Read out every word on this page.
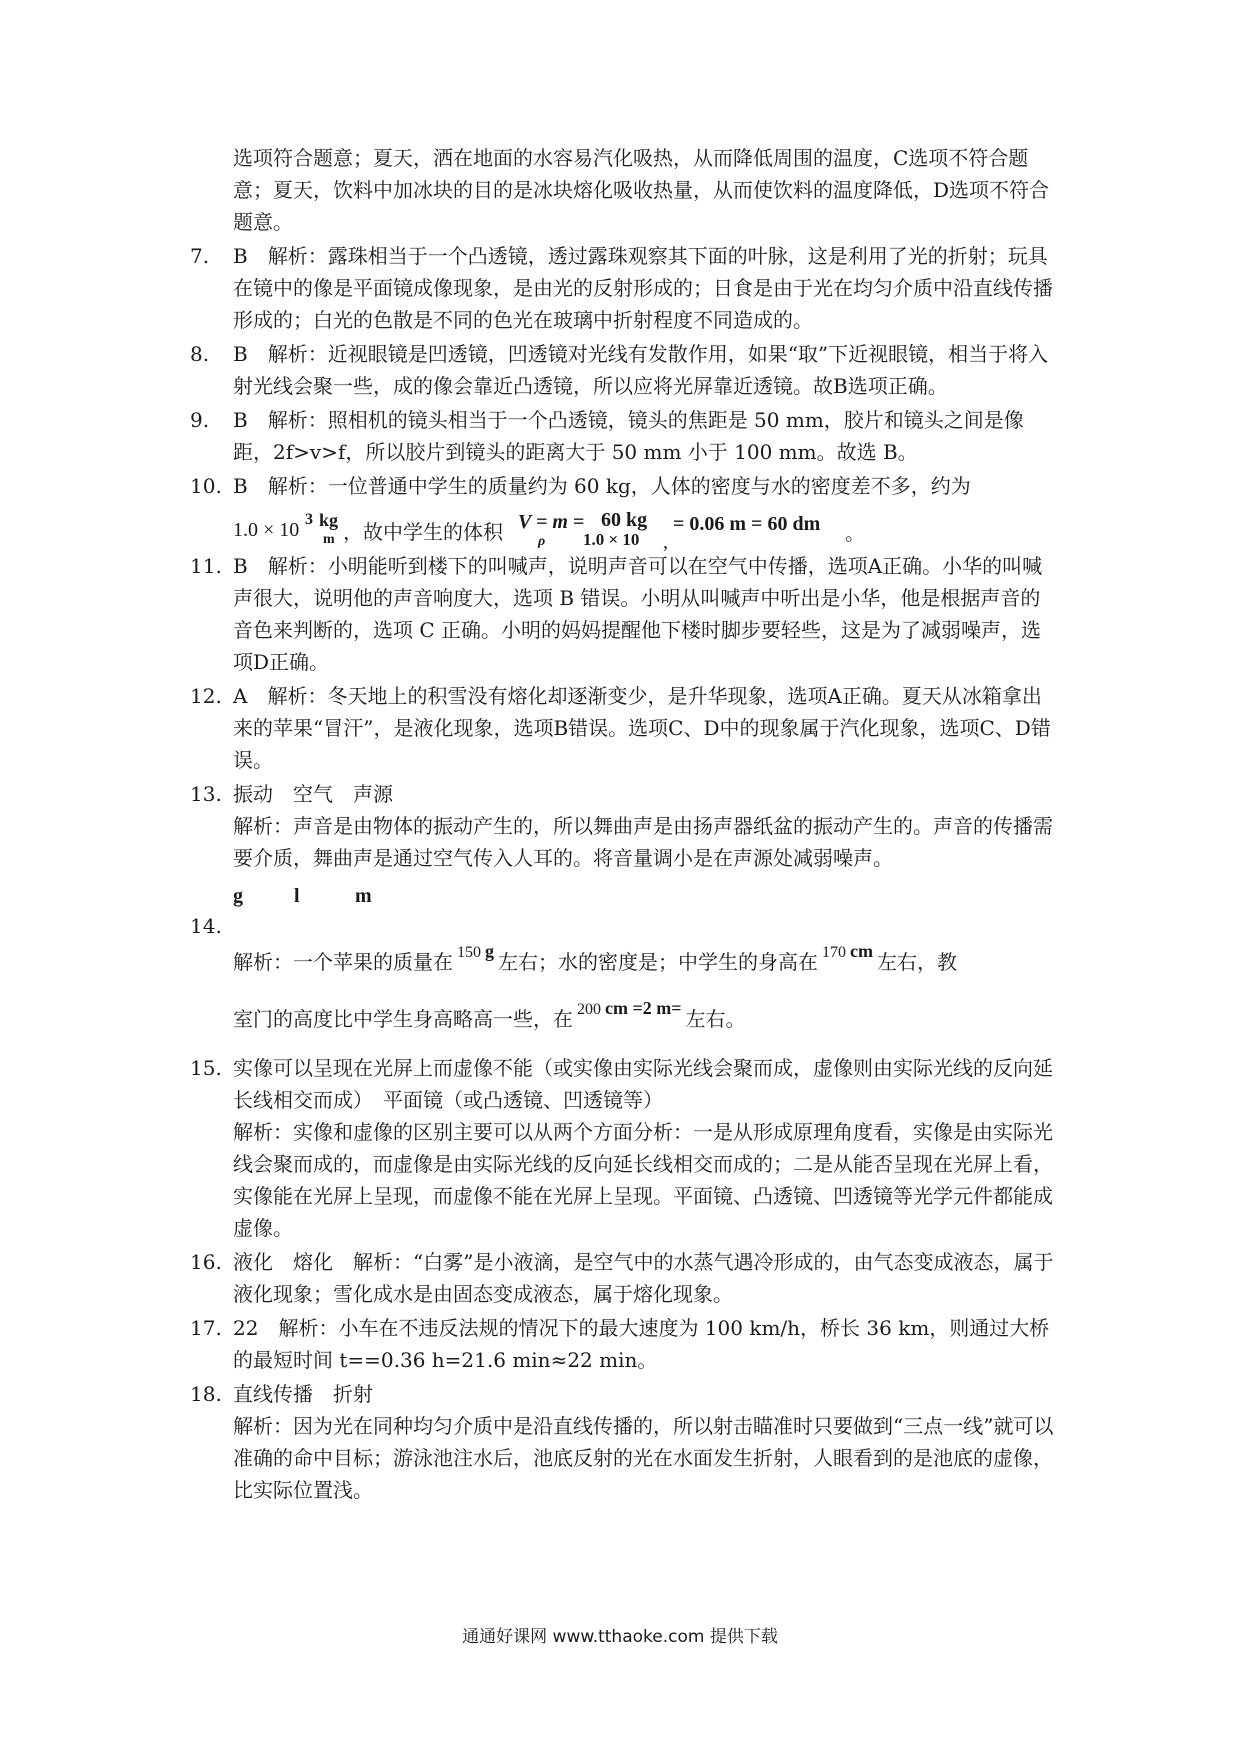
选项符合题意；夏天，洒在地面的水容易汽化吸热，从而降低周围的温度，C选项不符合题意；夏天，饮料中加冰块的目的是冰块熔化吸收热量，从而使饮料的温度降低，D选项不符合题意。
7. B　解析：露珠相当于一个凸透镜，透过露珠观察其下面的叶脉，这是利用了光的折射；玩具在镜中的像是平面镜成像现象，是由光的反射形成的；日食是由于光在均匀介质中沿直线传播形成的；白光的色散是不同的色光在玻璃中折射程度不同造成的。
8. B　解析：近视眼镜是凹透镜，凹透镜对光线有发散作用，如果“取”下近视眼镜，相当于将入射光线会聚一些，成的像会靠近凸透镜，所以应将光屏靠近透镜。故B选项正确。
9. B　解析：照相机的镜头相当于一个凸透镜，镜头的焦距是 50 mm，胶片和镜头之间是像距，2f>v>f，所以胶片到镜头的距离大于 50 mm 小于 100 mm。故选 B。
10. B　解析：一位普通中学生的质量约为 60 kg，人体的密度与水的密度差不多，约为
1.0 × 10 3 kg
m ，故中学生的体积 V = m =
ρ
60 kg
1.0 × 10 ,
= 0.06 m = 60 dm 。
11. B　解析：小明能听到楼下的叫喊声，说明声音可以在空气中传播，选项A正确。小华的叫喊声很大，说明他的声音响度大，选项 B 错误。小明从叫喊声中听出是小华，他是根据声音的音色来判断的，选项 C 正确。小明的妈妈提醒他下楼时脚步要轻些，这是为了减弱噪声，选项D正确。
12. A　解析：冬天地上的积雪没有熔化却逐渐变少，是升华现象，选项A正确。夏天从冰箱拿出来的苹果“冒汗”，是液化现象，选项B错误。选项C、D中的现象属于汽化现象，选项C、D错误。
13. 振动　空气　声源
解析：声音是由物体的振动产生的，所以舞曲声是由扬声器纸盆的振动产生的。声音的传播需要介质，舞曲声是通过空气传入人耳的。将音量调小是在声源处减弱噪声。
14.
g	l	m
解析：一个苹果的质量在 $^{150 g}$ 左右；水的密度是；中学生的身高在 $^{170 cm}$ 左右，教
室门的高度比中学生身高略高一些，在 $^{200 cm =2 m=}$ 左右。
15. 实像可以呈现在光屏上而虚像不能（或实像由实际光线会聚而成，虚像则由实际光线的反向延长线相交而成）　平面镜（或凸透镜、凹透镜等）
解析：实像和虚像的区别主要可以从两个方面分析：一是从形成原理角度看，实像是由实际光线会聚而成的，而虚像是由实际光线的反向延长线相交而成的；二是从能否呈现在光屏上看，实像能在光屏上呈现，而虚像不能在光屏上呈现。平面镜、凸透镜、凹透镜等光学元件都能成虚像。
16. 液化　熔化　解析：“白雾”是小液滴，是空气中的水蒸气遇冷形成的，由气态变成液态，属于液化现象；雪化成水是由固态变成液态，属于熔化现象。
17. 22　解析：小车在不违反法规的情况下的最大速度为 100 km/h，桥长 36 km，则通过大桥的最短时间 t==0.36 h=21.6 min≈22 min。
18. 直线传播　折射
解析：因为光在同种均匀介质中是沿直线传播的，所以射击瞄准时只要做到“三点一线”就可以准确的命中目标；游泳池注水后，池底反射的光在水面发生折射，人眼看到的是池底的虚像，比实际位置浅。
通通好课网 www.tthaoke.com 提供下载
